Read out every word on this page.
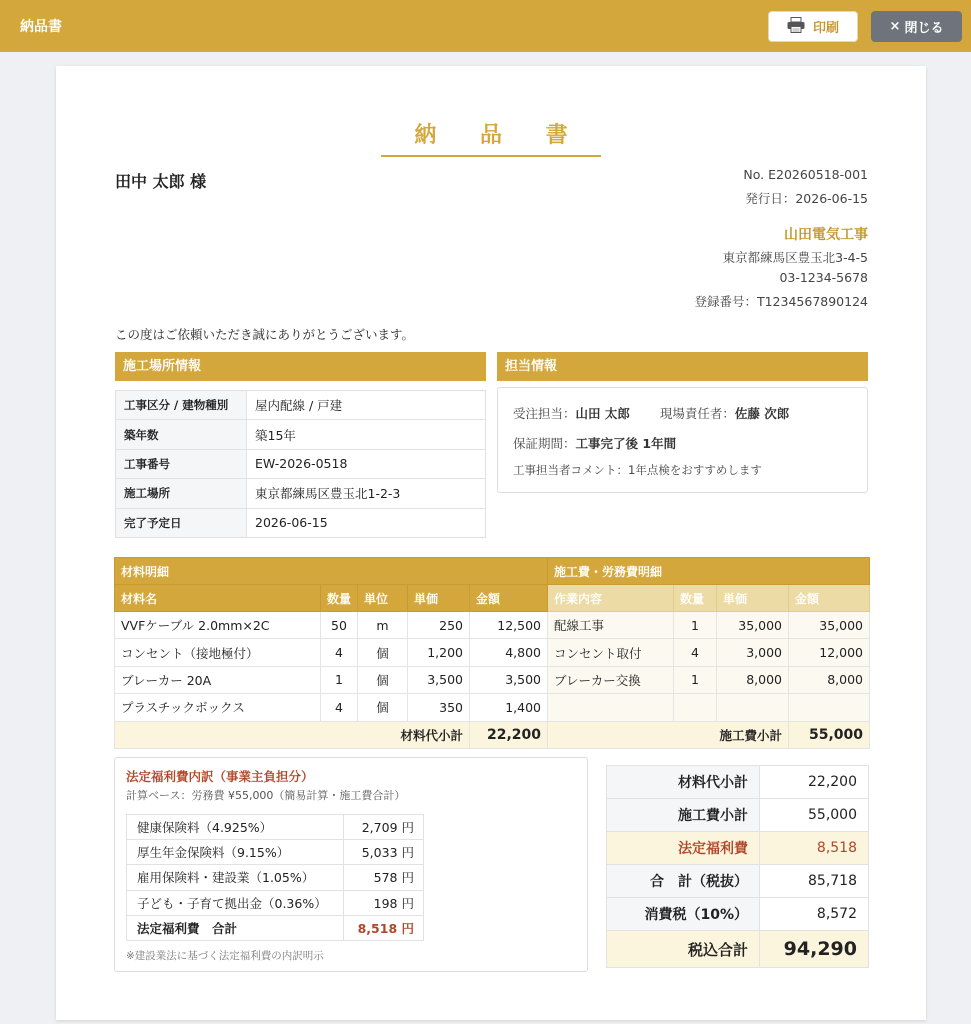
納品書	印刷	× 閉じる
納 品 書
田中 太郎 様	No. E20260518-001
発行日：2026-06-15
山田電気工事
東京都練馬区豊玉北3-4-5
03-1234-5678
登録番号：T1234567890124
この度はご依頼いただき誠にありがとうございます。
施工場所情報
工事区分 / 建物種別	屋内配線 / 戸建
築年数	築15年
工事番号	EW-2026-0518
施工場所	東京都練馬区豊玉北1-2-3
完了予定日	2026-06-15
担当情報
受注担当：山田 太郎 現場責任者：佐藤 次郎
保証期間：工事完了後 1年間
工事担当者コメント：1年点検をおすすめします
材料明細					施工費・労務費明細			
材料名	数量	単位	単価	金額	作業内容	数量	単価	金額
VVFケーブル 2.0mm×2C	50	m	250	12,500	配線工事	1	35,000	35,000
コンセント（接地極付）	4	個	1,200	4,800	コンセント取付	4	3,000	12,000
ブレーカー 20A	1	個	3,500	3,500	ブレーカー交換	1	8,000	8,000
プラスチックボックス	4	個	350	1,400				
材料代小計				22,200	施工費小計			55,000
法定福利費内訳（事業主負担分）
計算ベース：労務費 ¥55,000（簡易計算・施工費合計）
健康保険料（4.925%）	2,709 円
厚生年金保険料（9.15%）	5,033 円
雇用保険料・建設業（1.05%）	578 円
子ども・子育て拠出金（0.36%）	198 円
法定福利費　合計	8,518 円
※建設業法に基づく法定福利費の内訳明示
材料代小計	22,200
施工費小計	55,000
法定福利費	8,518
合　計（税抜）	85,718
消費税（10%）	8,572
税込合計	94,290
